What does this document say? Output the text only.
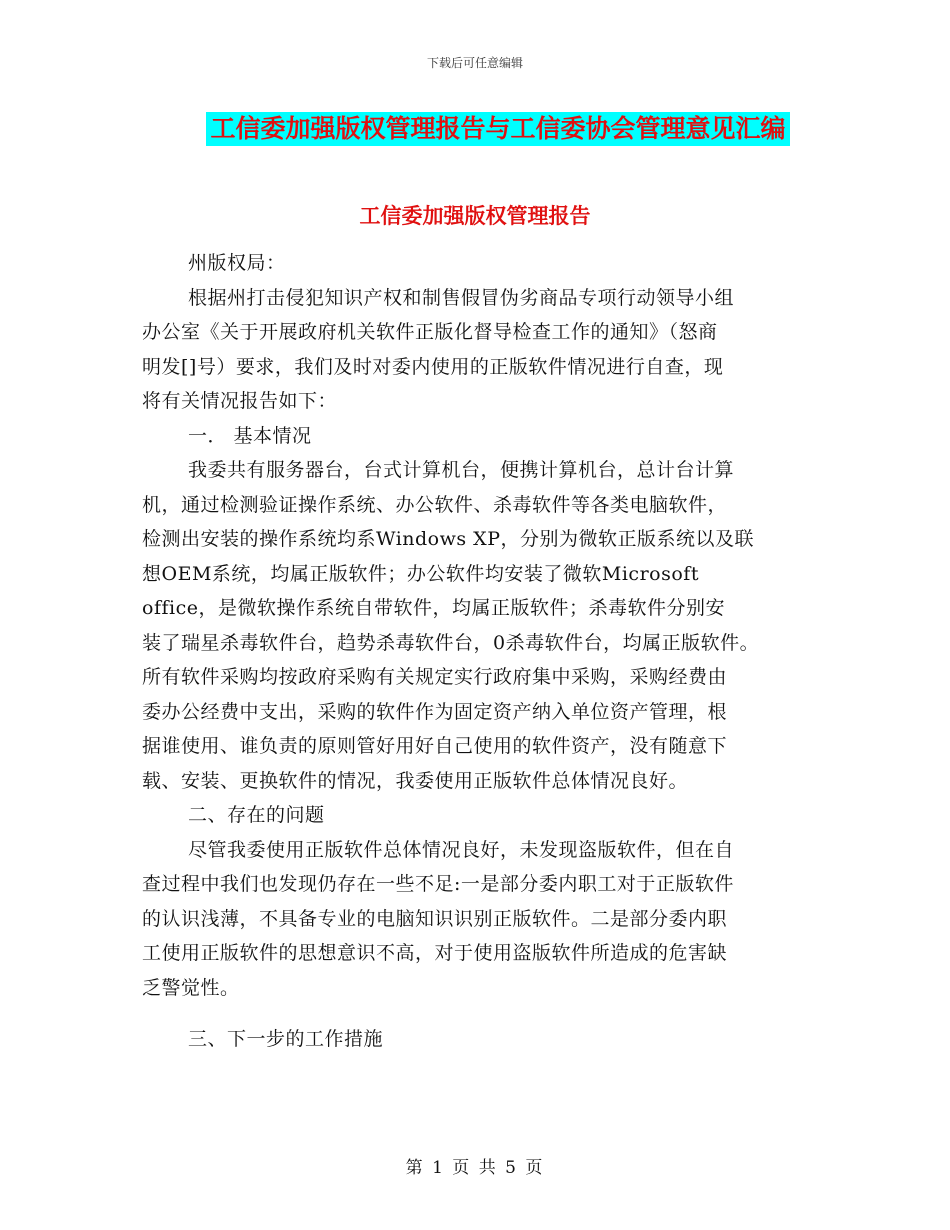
下载后可任意编辑
工信委加强版权管理报告与工信委协会管理意见汇编
工信委加强版权管理报告
州版权局：
根据州打击侵犯知识产权和制售假冒伪劣商品专项行动领导小组
办公室《关于开展政府机关软件正版化督导检查工作的通知》（怒商
明发[]号）要求，我们及时对委内使用的正版软件情况进行自查，现
将有关情况报告如下：
一． 基本情况
我委共有服务器台，台式计算机台，便携计算机台，总计台计算
机，通过检测验证操作系统、办公软件、杀毒软件等各类电脑软件，
检测出安装的操作系统均系Windows XP，分别为微软正版系统以及联
想OEM系统，均属正版软件；办公软件均安装了微软Microsoft
office，是微软操作系统自带软件，均属正版软件；杀毒软件分别安
装了瑞星杀毒软件台，趋势杀毒软件台，0杀毒软件台，均属正版软件。
所有软件采购均按政府采购有关规定实行政府集中采购，采购经费由
委办公经费中支出，采购的软件作为固定资产纳入单位资产管理，根
据谁使用、谁负责的原则管好用好自己使用的软件资产，没有随意下
载、安装、更换软件的情况，我委使用正版软件总体情况良好。
二、存在的问题
尽管我委使用正版软件总体情况良好，未发现盗版软件，但在自
查过程中我们也发现仍存在一些不足:一是部分委内职工对于正版软件
的认识浅薄，不具备专业的电脑知识识别正版软件。二是部分委内职
工使用正版软件的思想意识不高，对于使用盗版软件所造成的危害缺
乏警觉性。
三、下一步的工作措施
第 1 页 共 5 页
